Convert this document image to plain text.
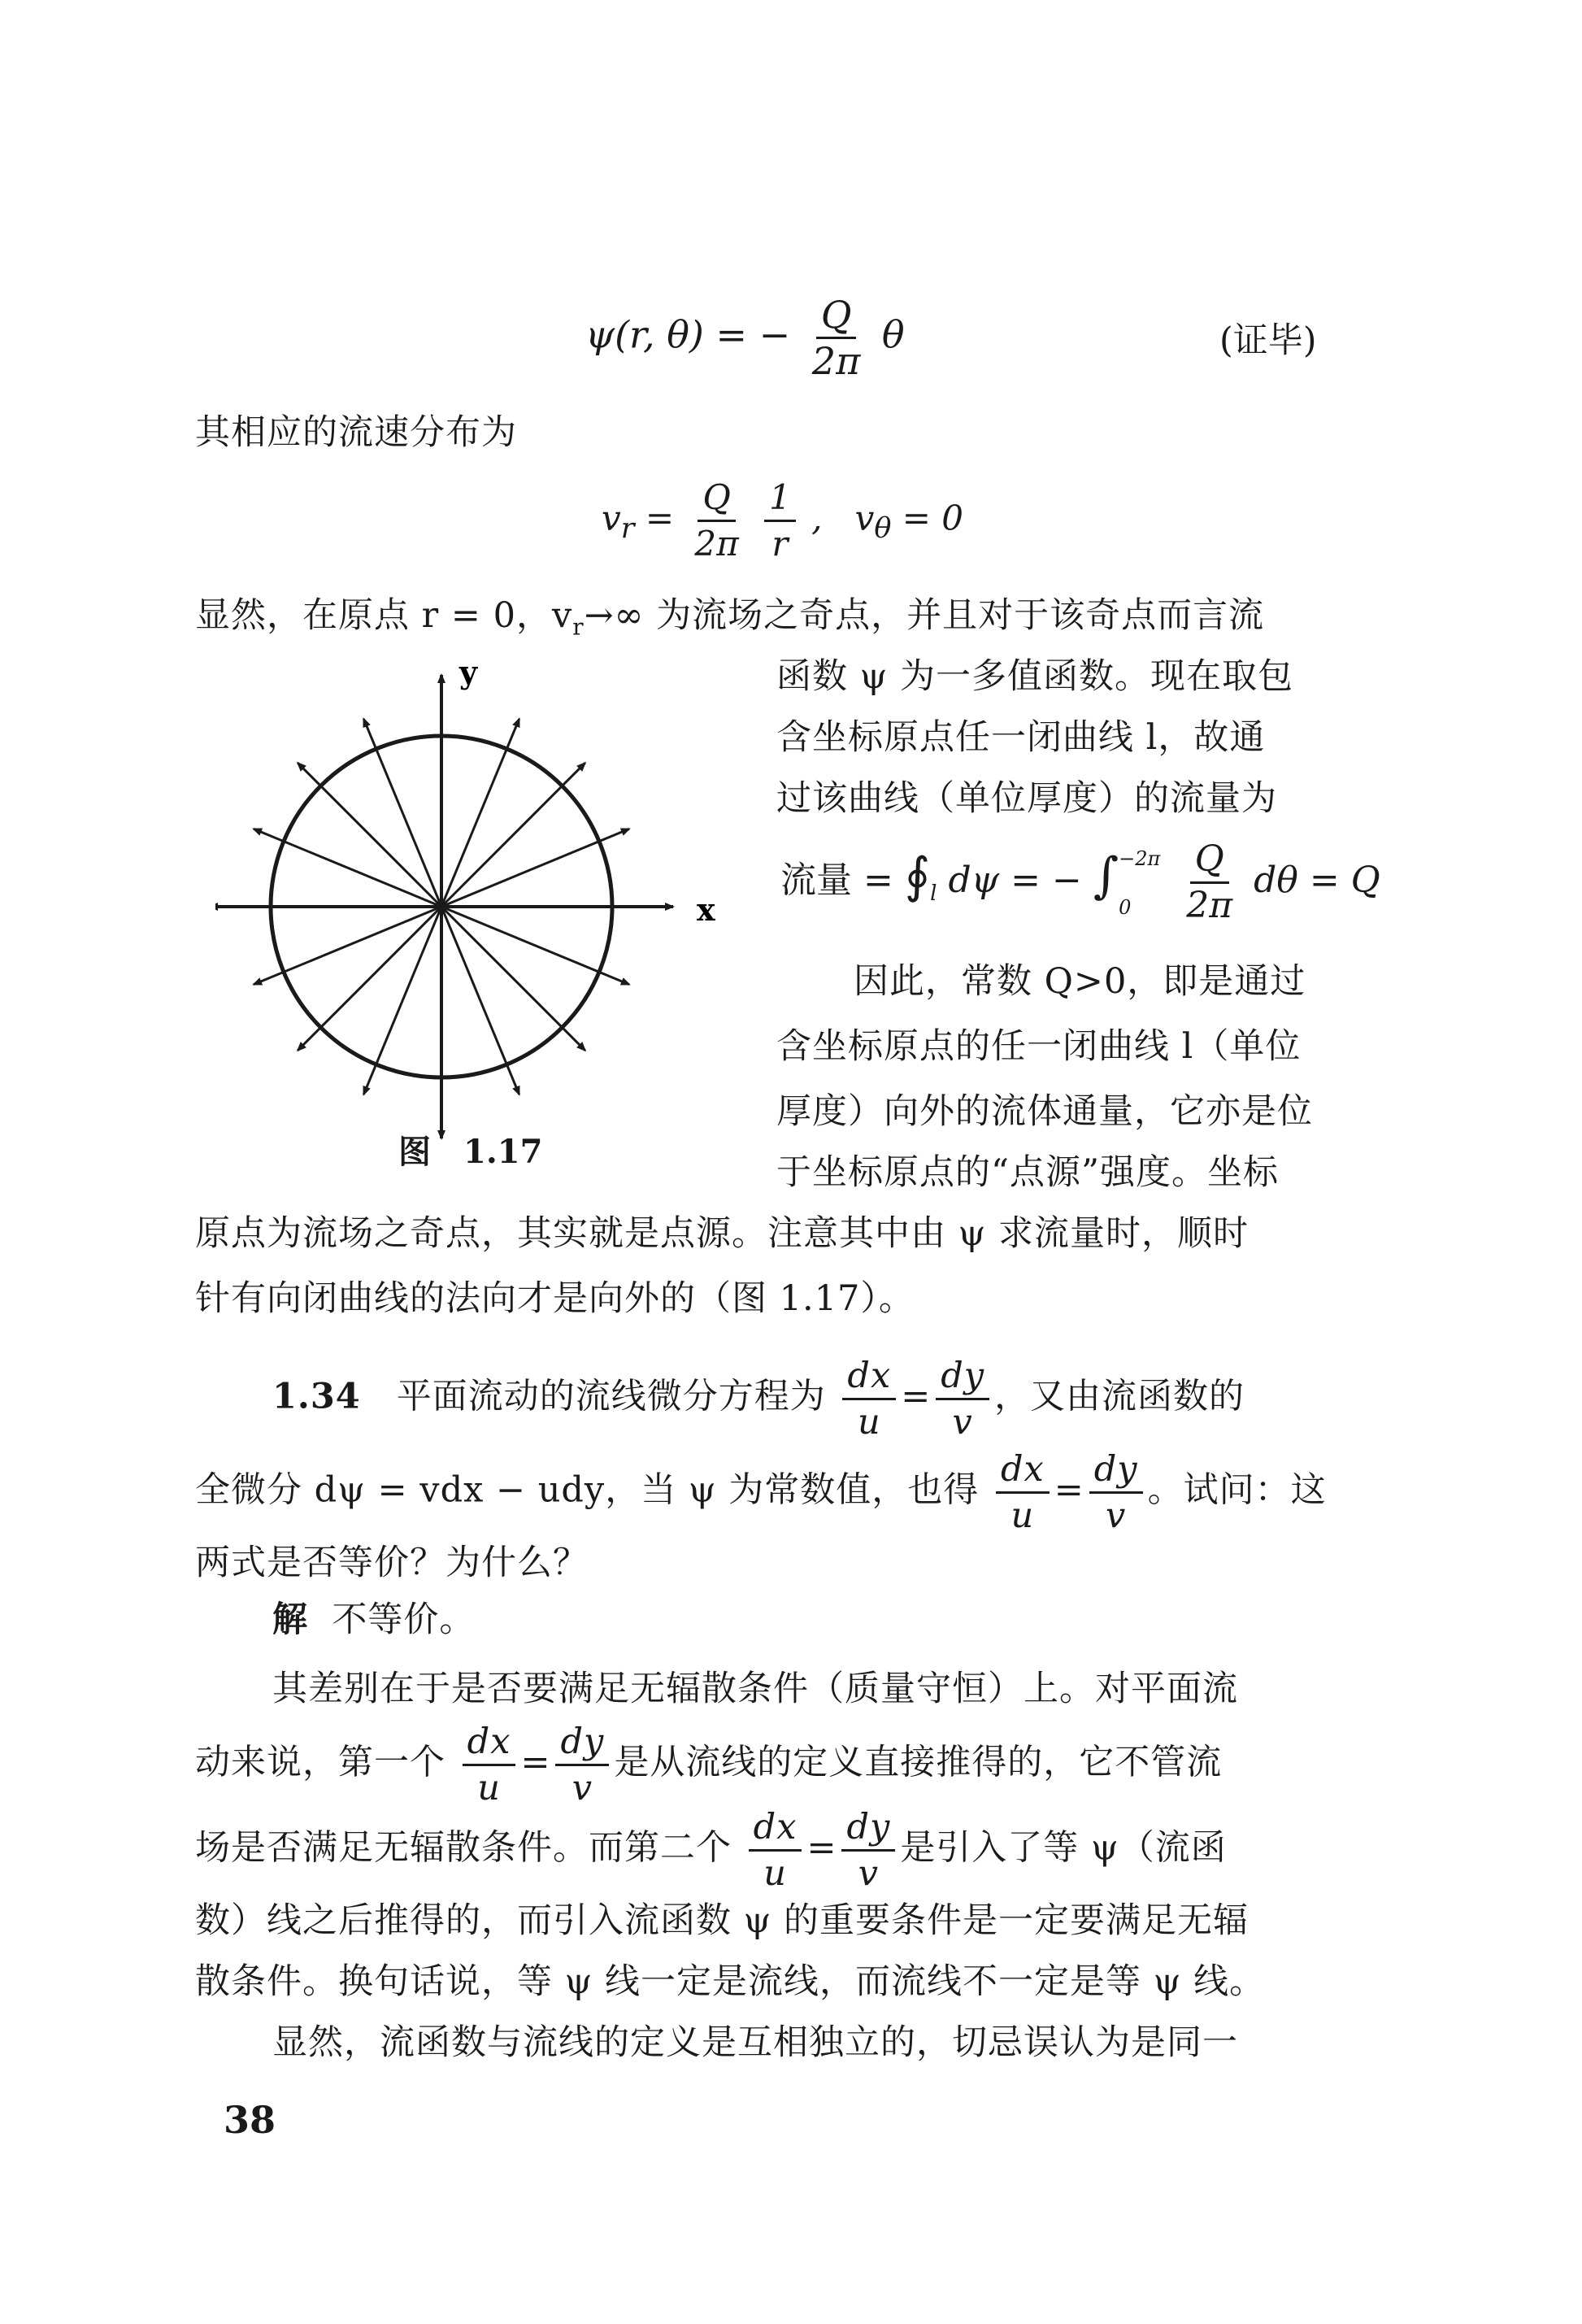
ψ(r, θ) = − $\frac{Q}{2\pi}$ θ	(证毕)
其相应的流速分布为
$v_r = \frac{Q}{2\pi}$
$\frac{1}{r}$ , $v_\theta = 0$
显然，在原点 r = 0，$v_r\to\infty$ 为流场之奇点，并且对于该奇点而言流
y
x
图　1.17
函数 ψ 为一多值函数。现在取包
含坐标原点任一闭曲线 l，故通
过该曲线（单位厚度）的流量为
流量 = $∮_l$ dψ = − ∫ −2π
0
	$\frac{Q}{2\pi}$ dθ = Q
因此，常数 Q>0，即是通过
含坐标原点的任一闭曲线 l（单位
厚度）向外的流体通量，它亦是位
于坐标原点的“点源”强度。坐标
原点为流场之奇点，其实就是点源。注意其中由 ψ 求流量时，顺时
针有向闭曲线的法向才是向外的（图 1.17）。
1.34 平面流动的流线微分方程为 $\frac{dx}{u} = \frac{dy}{v}$ ，又由流函数的
全微分 dψ = vdx − udy，当 ψ 为常数值，也得 $\frac{dx}{u} = \frac{dy}{v}$ 。试问：这
两式是否等价？为什么？
解 不等价。
其差别在于是否要满足无辐散条件（质量守恒）上。对平面流
动来说，第一个 $\frac{dx}{u} = \frac{dy}{v}$ 是从流线的定义直接推得的，它不管流
场是否满足无辐散条件。而第二个 $\frac{dx}{u} = \frac{dy}{v}$ 是引入了等 ψ（流函
数）线之后推得的，而引入流函数 ψ 的重要条件是一定要满足无辐
散条件。换句话说，等 ψ 线一定是流线，而流线不一定是等 ψ 线。
显然，流函数与流线的定义是互相独立的，切忌误认为是同一
38
